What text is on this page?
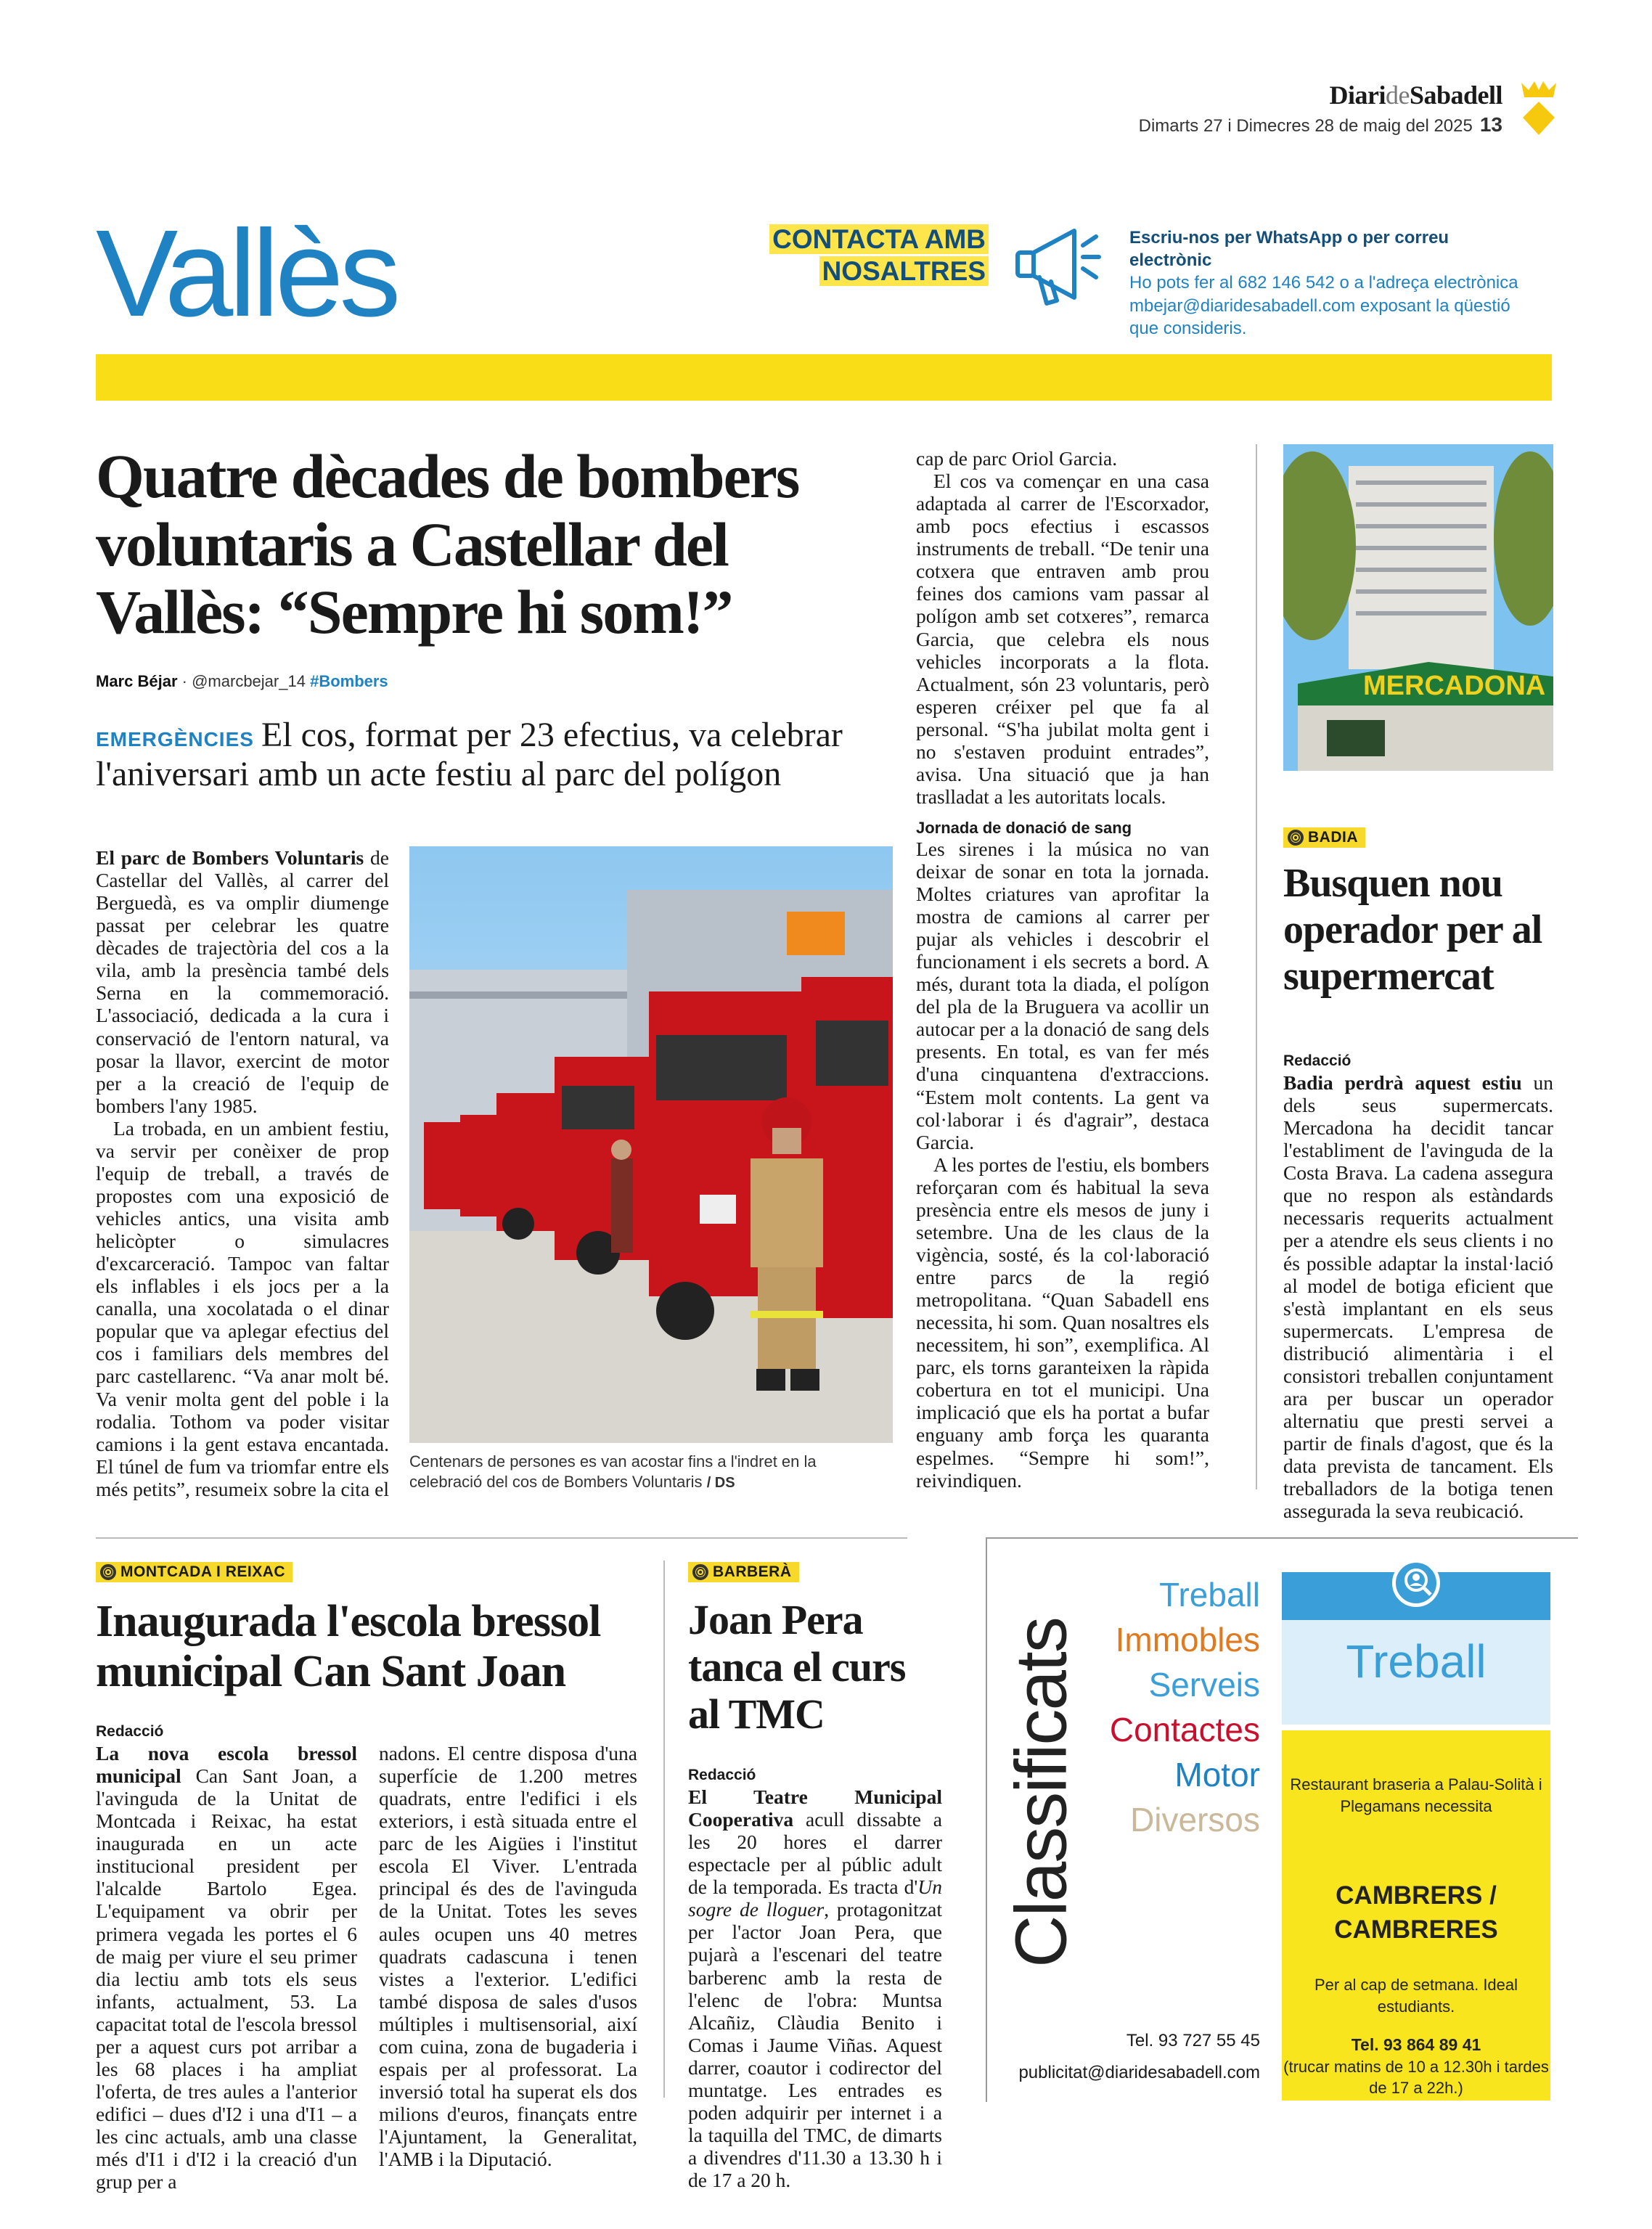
DiarideSabadell
Dimarts 27 i Dimecres 28 de maig del 2025 13
Vallès	CONTACTA AMB
NOSALTRES
Escriu-nos per WhatsApp o per correu electrònic
Ho pots fer al 682 146 542 o a l'adreça electrònica mbejar@diaridesabadell.com exposant la qüestió que consideris.
Quatre dècades de bombers voluntaris a Castellar del Vallès: “Sempre hi som!”
Marc Béjar · @marcbejar_14 #Bombers
EMERGÈNCIES El cos, format per 23 efectius, va celebrar l'aniversari amb un acte festiu al parc del polígon

El parc de Bombers Voluntaris de Castellar del Vallès, al carrer del Berguedà, es va omplir diumenge passat per celebrar les quatre dècades de trajectòria del cos a la vila, amb la presència també dels Serna en la commemoració. L'associació, dedicada a la cura i conservació de l'entorn natural, va posar la llavor, exercint de motor per a la creació de l'equip de bombers l'any 1985.

La trobada, en un ambient festiu, va servir per conèixer de prop l'equip de treball, a través de propostes com una exposició de vehicles antics, una visita amb helicòpter o simulacres d'excarceració. Tampoc van faltar els inflables i els jocs per a la canalla, una xocolatada o el dinar popular que va aplegar efectius del cos i familiars dels membres del parc castellarenc. “Va anar molt bé. Va venir molta gent del poble i la rodalia. Tothom va poder visitar camions i la gent estava encantada. El túnel de fum va triomfar entre els més petits”, resumeix sobre la cita el

Centenars de persones es van acostar fins a l'indret en la celebració del cos de Bombers Voluntaris / DS

cap de parc Oriol Garcia.

El cos va començar en una casa adaptada al carrer de l'Escorxador, amb pocs efectius i escassos instruments de treball. “De tenir una cotxera que entraven amb prou feines dos camions vam passar al polígon amb set cotxeres”, remarca Garcia, que celebra els nous vehicles incorporats a la flota. Actualment, són 23 voluntaris, però esperen créixer pel que fa al personal. “S'ha jubilat molta gent i no s'estaven produint entrades”, avisa. Una situació que ja han traslladat a les autoritats locals.

Jornada de donació de sang

Les sirenes i la música no van deixar de sonar en tota la jornada. Moltes criatures van aprofitar la mostra de camions al carrer per pujar als vehicles i descobrir el funcionament i els secrets a bord. A més, durant tota la diada, el polígon del pla de la Bruguera va acollir un autocar per a la donació de sang dels presents. En total, es van fer més d'una cinquantena d'extraccions. “Estem molt contents. La gent va col·laborar i és d'agrair”, destaca Garcia.

A les portes de l'estiu, els bombers reforçaran com és habitual la seva presència entre els mesos de juny i setembre. Una de les claus de la vigència, sosté, és la col·laboració entre parcs de la regió metropolitana. “Quan Sabadell ens necessita, hi som. Quan nosaltres els necessitem, hi son”, exemplifica. Al parc, els torns garanteixen la ràpida cobertura en tot el municipi. Una implicació que els ha portat a bufar enguany amb força les quaranta espelmes. “Sempre hi som!”, reivindiquen.

MERCADONA
BADIA
Busquen nou operador per al supermercat
Redacció

Badia perdrà aquest estiu un dels seus supermercats. Mercadona ha decidit tancar l'establiment de l'avinguda de la Costa Brava. La cadena assegura que no respon als estàndards necessaris requerits actualment per a atendre els seus clients i no és possible adaptar la instal·lació al model de botiga eficient que s'està implantant en els seus supermercats. L'empresa de distribució alimentària i el consistori treballen conjuntament ara per buscar un operador alternatiu que presti servei a partir de finals d'agost, que és la data prevista de tancament. Els treballadors de la botiga tenen assegurada la seva reubicació.

MONTCADA I REIXAC
Inaugurada l'escola bressol municipal Can Sant Joan
Redacció

La nova escola bressol municipal Can Sant Joan, a l'avinguda de la Unitat de Montcada i Reixac, ha estat inaugurada en un acte institucional president per l'alcalde Bartolo Egea. L'equipament va obrir per primera vegada les portes el 6 de maig per viure el seu primer dia lectiu amb tots els seus infants, actualment, 53. La capacitat total de l'escola bressol per a aquest curs pot arribar a les 68 places i ha ampliat l'oferta, de tres aules a l'anterior edifici – dues d'I2 i una d'I1 – a les cinc actuals, amb una classe més d'I1 i d'I2 i la creació d'un grup per a

nadons. El centre disposa d'una superfície de 1.200 metres quadrats, entre l'edifici i els exteriors, i està situada entre el parc de les Aigües i l'institut escola El Viver. L'entrada principal és des de l'avinguda de la Unitat. Totes les seves aules ocupen uns 40 metres quadrats cadascuna i tenen vistes a l'exterior. L'edifici també disposa de sales d'usos múltiples i multisensorial, així com cuina, zona de bugaderia i espais per al professorat. La inversió total ha superat els dos milions d'euros, finançats entre l'Ajuntament, la Generalitat, l'AMB i la Diputació.

BARBERÀ
Joan Pera tanca el curs al TMC
Redacció

El Teatre Municipal Cooperativa acull dissabte a les 20 hores el darrer espectacle per al públic adult de la temporada. Es tracta d'Un sogre de lloguer, protagonitzat per l'actor Joan Pera, que pujarà a l'escenari del teatre barberenc amb la resta de l'elenc de l'obra: Muntsa Alcañiz, Clàudia Benito i Comas i Jaume Viñas. Aquest darrer, coautor i codirector del muntatge. Les entrades es poden adquirir per internet i a la taquilla del TMC, de dimarts a divendres d'11.30 a 13.30 h i de 17 a 20 h.

Classificats
Treball
Immobles
Serveis
Contactes
Motor
Diversos
Tel. 93 727 55 45
publicitat@diaridesabadell.com
Treball
Restaurant braseria a Palau-Solità i Plegamans necessita
CAMBRERS / CAMBRERES
Per al cap de setmana. Ideal estudiants.
Tel. 93 864 89 41
(trucar matins de 10 a 12.30h i tardes de 17 a 22h.)
